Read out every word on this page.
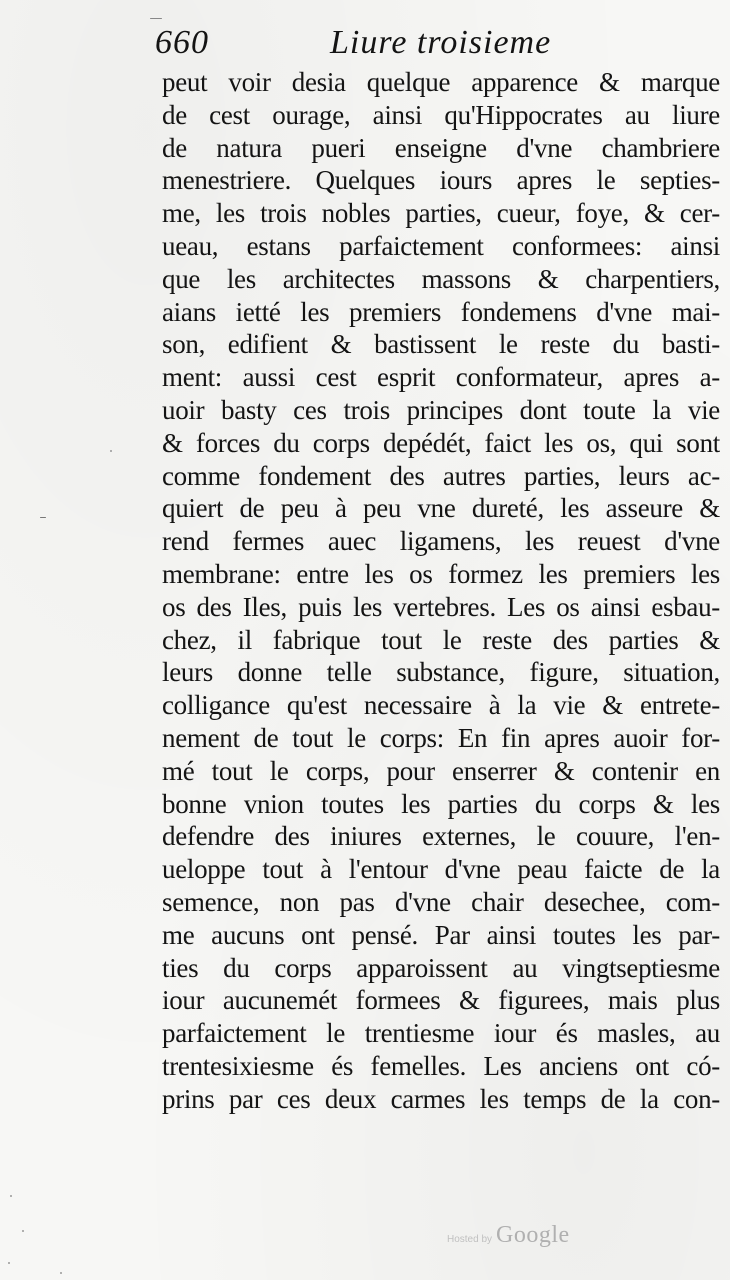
660	Liure troisieme
peut voir desia quelque apparence & marque
de cest ourage, ainsi qu'Hippocrates au liure
de natura pueri enseigne d'vne chambriere
menestriere. Quelques iours apres le septies-
me, les trois nobles parties, cueur, foye, & cer-
ueau, estans parfaictement conformees: ainsi
que les architectes massons & charpentiers,
aians ietté les premiers fondemens d'vne mai-
son, edifient & bastissent le reste du basti-
ment: aussi cest esprit conformateur, apres a-
uoir basty ces trois principes dont toute la vie
& forces du corps depédét, faict les os, qui sont
comme fondement des autres parties, leurs ac-
quiert de peu à peu vne dureté, les asseure &
rend fermes auec ligamens, les reuest d'vne
membrane: entre les os formez les premiers les
os des Iles, puis les vertebres. Les os ainsi esbau-
chez, il fabrique tout le reste des parties &
leurs donne telle substance, figure, situation,
colligance qu'est necessaire à la vie & entrete-
nement de tout le corps: En fin apres auoir for-
mé tout le corps, pour enserrer & contenir en
bonne vnion toutes les parties du corps & les
defendre des iniures externes, le couure, l'en-
ueloppe tout à l'entour d'vne peau faicte de la
semence, non pas d'vne chair desechee, com-
me aucuns ont pensé. Par ainsi toutes les par-
ties du corps apparoissent au vingtseptiesme
iour aucunemét formees & figurees, mais plus
parfaictement le trentiesme iour és masles, au
trentesixiesme és femelles. Les anciens ont có-
prins par ces deux carmes les temps de la con-
Hosted by Google
